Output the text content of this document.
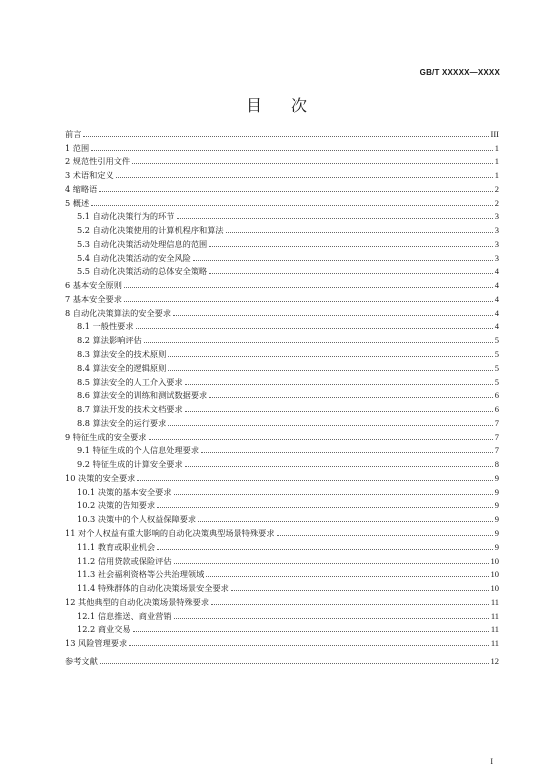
GB/T XXXXX—XXXX
目 次
前言	III
1 范围	1
2 规范性引用文件	1
3 术语和定义	1
4 缩略语	2
5 概述	2
5.1 自动化决策行为的环节	3
5.2 自动化决策使用的计算机程序和算法	3
5.3 自动化决策活动处理信息的范围	3
5.4 自动化决策活动的安全风险	3
5.5 自动化决策活动的总体安全策略	4
6 基本安全原则	4
7 基本安全要求	4
8 自动化决策算法的安全要求	4
8.1 一般性要求	4
8.2 算法影响评估	5
8.3 算法安全的技术原则	5
8.4 算法安全的逻辑原则	5
8.5 算法安全的人工介入要求	5
8.6 算法安全的训练和测试数据要求	6
8.7 算法开发的技术文档要求	6
8.8 算法安全的运行要求	7
9 特征生成的安全要求	7
9.1 特征生成的个人信息处理要求	7
9.2 特征生成的计算安全要求	8
10 决策的安全要求	9
10.1 决策的基本安全要求	9
10.2 决策的告知要求	9
10.3 决策中的个人权益保障要求	9
11 对个人权益有重大影响的自动化决策典型场景特殊要求	9
11.1 教育或职业机会	9
11.2 信用贷款或保险评估	10
11.3 社会福利资格等公共治理领域	10
11.4 特殊群体的自动化决策场景安全要求	10
12 其他典型的自动化决策场景特殊要求	11
12.1 信息推送、商业营销	11
12.2 商业交易	11
13 风险管理要求	11
参考文献	12
I
